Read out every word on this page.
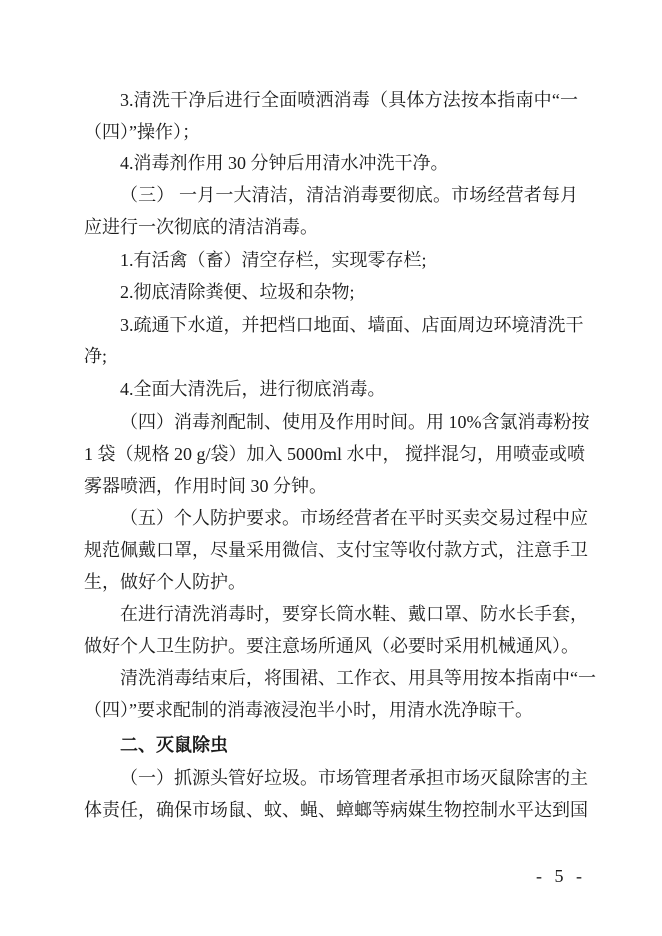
3.清洗干净后进行全面喷洒消毒（具体方法按本指南中“一
（四）”操作）；
4.消毒剂作用 30 分钟后用清水冲洗干净。
（三） 一月一大清洁，清洁消毒要彻底。市场经营者每月
应进行一次彻底的清洁消毒。
1.有活禽（畜）清空存栏，实现零存栏;
2.彻底清除粪便、垃圾和杂物;
3.疏通下水道，并把档口地面、墙面、店面周边环境清洗干
净;
4.全面大清洗后，进行彻底消毒。
（四）消毒剂配制、使用及作用时间。用 10%含氯消毒粉按
1 袋（规格 20 g/袋）加入 5000ml 水中， 搅拌混匀，用喷壶或喷
雾器喷洒，作用时间 30 分钟。
（五）个人防护要求。市场经营者在平时买卖交易过程中应
规范佩戴口罩，尽量采用微信、支付宝等收付款方式，注意手卫
生，做好个人防护。
在进行清洗消毒时，要穿长筒水鞋、戴口罩、防水长手套，
做好个人卫生防护。要注意场所通风（必要时采用机械通风）。
清洗消毒结束后，将围裙、工作衣、用具等用按本指南中“一
（四）”要求配制的消毒液浸泡半小时，用清水洗净晾干。
二、灭鼠除虫
（一）抓源头管好垃圾。市场管理者承担市场灭鼠除害的主
体责任，确保市场鼠、蚊、蝇、蟑螂等病媒生物控制水平达到国
- 5 -
